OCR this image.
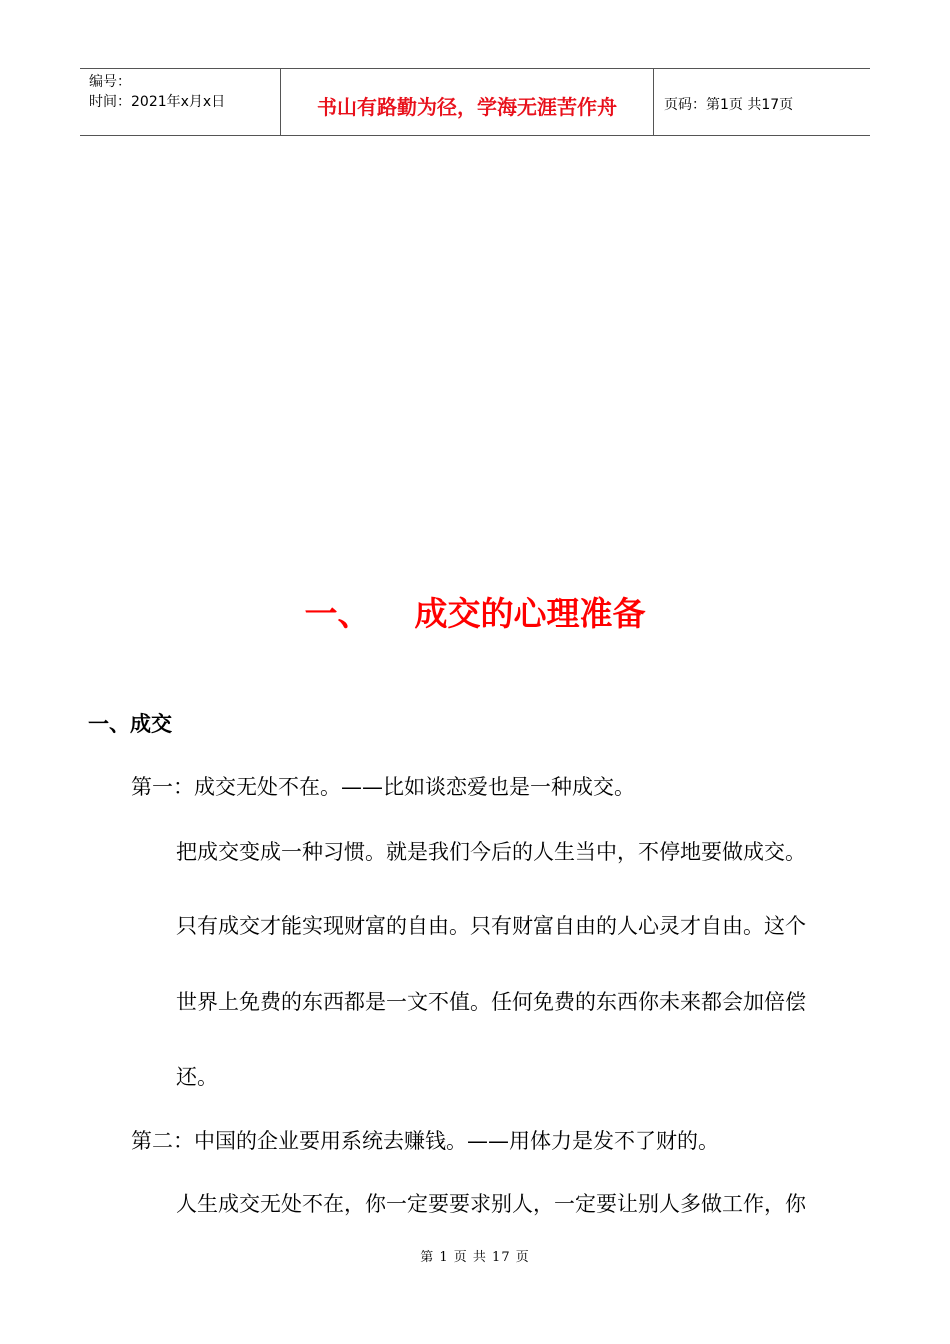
编号：
时间：2021年x月x日	书山有路勤为径，学海无涯苦作舟	页码：第1页 共17页
一、 成交的心理准备
一、成交
第一：成交无处不在。——比如谈恋爱也是一种成交。
把成交变成一种习惯。就是我们今后的人生当中，不停地要做成交。
只有成交才能实现财富的自由。只有财富自由的人心灵才自由。这个
世界上免费的东西都是一文不值。任何免费的东西你未来都会加倍偿
还。
第二：中国的企业要用系统去赚钱。——用体力是发不了财的。
人生成交无处不在，你一定要要求别人，一定要让别人多做工作，你
第 1 页 共 17 页
